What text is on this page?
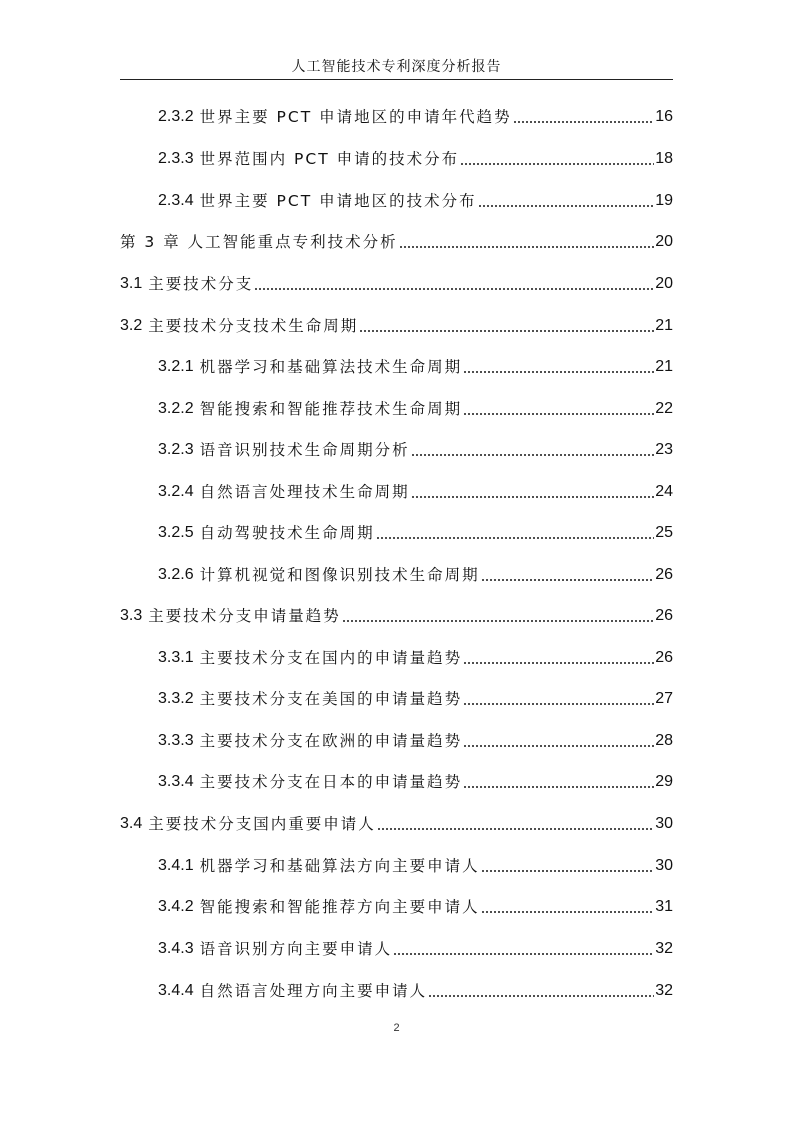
人工智能技术专利深度分析报告
2.3.2 世界主要 PCT 申请地区的申请年代趋势	16
2.3.3 世界范围内 PCT 申请的技术分布	18
2.3.4 世界主要 PCT 申请地区的技术分布	19
第 3 章 人工智能重点专利技术分析	20
3.1 主要技术分支	20
3.2 主要技术分支技术生命周期	21
3.2.1 机器学习和基础算法技术生命周期	21
3.2.2 智能搜索和智能推荐技术生命周期	22
3.2.3 语音识别技术生命周期分析	23
3.2.4 自然语言处理技术生命周期	24
3.2.5 自动驾驶技术生命周期	25
3.2.6 计算机视觉和图像识别技术生命周期	26
3.3 主要技术分支申请量趋势	26
3.3.1 主要技术分支在国内的申请量趋势	26
3.3.2 主要技术分支在美国的申请量趋势	27
3.3.3 主要技术分支在欧洲的申请量趋势	28
3.3.4 主要技术分支在日本的申请量趋势	29
3.4 主要技术分支国内重要申请人	30
3.4.1 机器学习和基础算法方向主要申请人	30
3.4.2 智能搜索和智能推荐方向主要申请人	31
3.4.3 语音识别方向主要申请人	32
3.4.4 自然语言处理方向主要申请人	32
2
